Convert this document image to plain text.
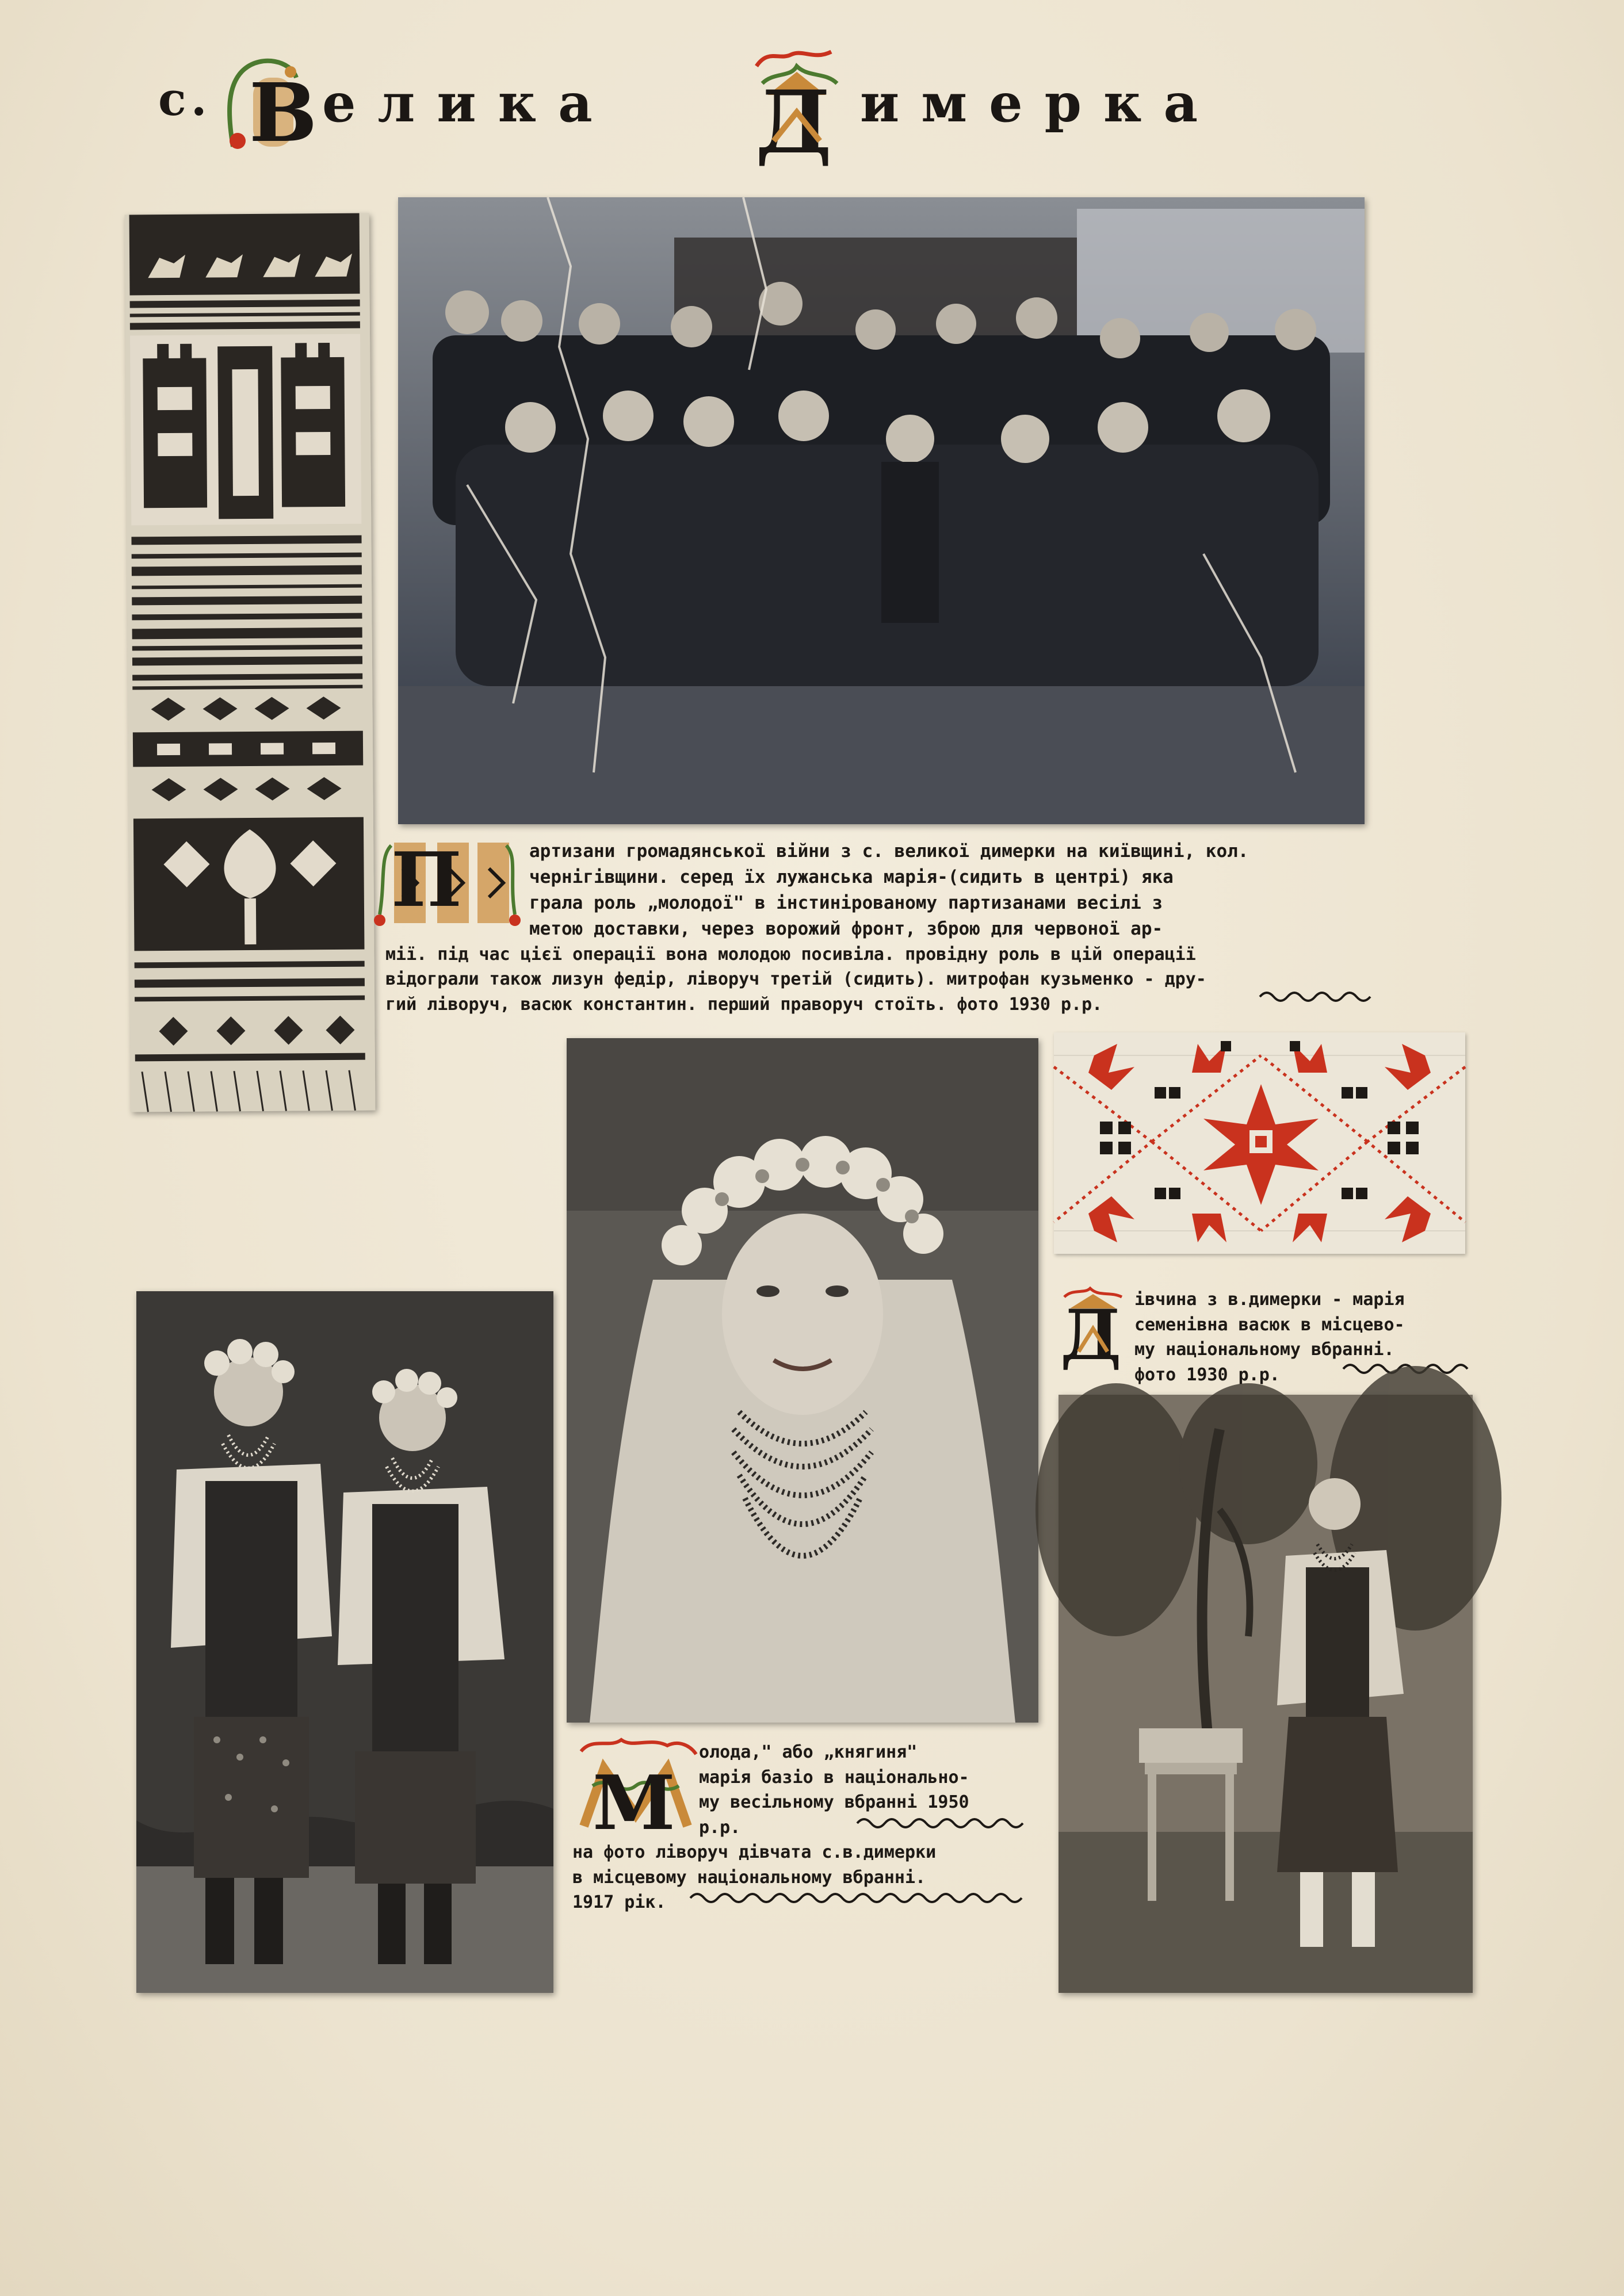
с. В елика Д имерка
П	артизани громадянської війни з с. великої димерки на київщині, кол.

чернігівщини. серед їх лужанська марія-(сидить в центрі) яка

грала роль „молодої" в інстинірованому партизанами весілі з

метою доставки, через ворожий фронт, зброю для червоної ар-

мії. під час цієї операції вона молодою посивіла. провідну роль в цій операції

відограли також лизун федір, ліворуч третій (сидить). митрофан кузьменко - дру-

гий ліворуч, васюк константин. перший праворуч стоїть. фото 1930 р.р.

Д івчина з в.димерки - марія

семенівна васюк в місцево-

му національному вбранні.

фото 1930 р.р.

М

олода," або „княгиня"

марія базіо в національно-

му весільному вбранні 1950

р.р.

на фото ліворуч дівчата с.в.димерки

в місцевому національному вбранні.

1917 рік.
